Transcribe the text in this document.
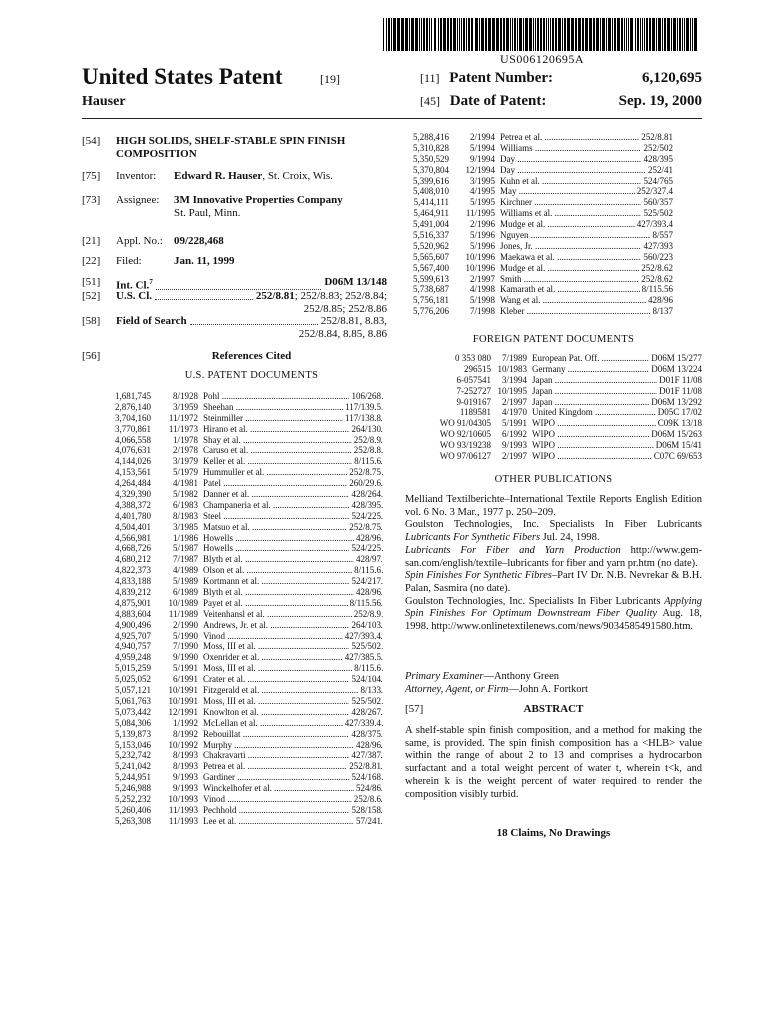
US006120695A
United States Patent	[19]
Hauser
[11] Patent Number:	6,120,695
[45] Date of Patent:	Sep. 19, 2000
[54] HIGH SOLIDS, SHELF-STABLE SPIN FINISH
COMPOSITION
[75] Inventor: Edward R. Hauser, St. Croix, Wis.
[73] Assignee: 3M Innovative Properties Company
St. Paul, Minn.
[21] Appl. No.: 09/228,468
[22] Filed:	Jan. 11, 1999
[51] Int. Cl.$^7$	D06M 13/148
[52] U.S. Cl.	252/8.81; 252/8.83; 252/8.84;
252/8.85; 252/8.86
[58] Field of Search	252/8.81, 8.83,
252/8.84, 8.85, 8.86
[56]	References Cited
U.S. PATENT DOCUMENTS
1,681,745	8/1928 Pohl .....	106/268
2,876,140	3/1959 Sheehan .....	117/139.5
3,704,160	11/1972 Steinmiller .....	117/138.8
3,770,861	11/1973 Hirano et al. .....	264/130
4,066,558	1/1978 Shay et al. .....	252/8.9
4,076,631	2/1978 Caruso et al. .....	252/8.8
4,144,026	3/1979 Keller et al. .....	8/115.6
4,153,561	5/1979 Hummuller et al. .....	252/8.75
4,264,484	4/1981 Patel .....	260/29.6
4,329,390	5/1982 Danner et al. .....	428/264
4,388,372	6/1983 Champaneria et al. .....	428/395
4,401,780	8/1983 Steel .....	524/225
4,504,401	3/1985 Matsuo et al. .....	252/8.75
4,566,981	1/1986 Howells .....	428/96
4,668,726	5/1987 Howells .....	524/225
4,680,212	7/1987 Blyth et al. .....	428/97
4,822,373	4/1989 Olson et al. .....	8/115.6
4,833,188	5/1989 Kortmann et al. .....	524/217
4,839,212	6/1989 Blyth et al. .....	428/96
4,875,901	10/1989 Payet et al. .....	8/115.56
4,883,604	11/1989 Veitenhansl et al. .....	252/8.9
4,900,496	2/1990 Andrews, Jr. et al. .....	264/103
4,925,707	5/1990 Vinod .....	427/393.4
4,940,757	7/1990 Moss, III et al. .....	525/502
4,959,248	9/1990 Oxenrider et al. .....	427/385.5
5,015,259	5/1991 Moss, III et al. .....	8/115.6
5,025,052	6/1991 Crater et al. .....	524/104
5,057,121	10/1991 Fitzgerald et al. .....	8/133
5,061,763	10/1991 Moss, III et al. .....	525/502
5,073,442	12/1991 Knowlton et al. .....	428/267
5,084,306	1/1992 McLellan et al. .....	427/339.4
5,139,873	8/1992 Rebouillat .....	428/375
5,153,046	10/1992 Murphy .....	428/96
5,232,742	8/1993 Chakravarti .....	427/387
5,241,042	8/1993 Petrea et al. .....	252/8.81
5,244,951	9/1993 Gardiner .....	524/168
5,246,988	9/1993 Winckelhofer et al. .....	524/86
5,252,232	10/1993 Vinod .....	252/8.6
5,260,406	11/1993 Pechhold .....	528/158
5,263,308	11/1993 Lee et al. .....	57/241
5,288,416	2/1994 Petrea et al. .....	252/8.81
5,310,828	5/1994 Williams .....	252/502
5,350,529	9/1994 Day .....	428/395
5,370,804	12/1994 Day .....	252/41
5,399,616	3/1995 Kuhn et al. .....	524/765
5,408,010	4/1995 May .....	252/327.4
5,414,111	5/1995 Kirchner .....	560/357
5,464,911	11/1995 Williams et al. .....	525/502
5,491,004	2/1996 Mudge et al. .....	427/393.4
5,516,337	5/1996 Nguyen .....	8/557
5,520,962	5/1996 Jones, Jr. .....	427/393
5,565,607	10/1996 Maekawa et al. .....	560/223
5,567,400	10/1996 Mudge et al. .....	252/8.62
5,599,613	2/1997 Smith .....	252/8.62
5,738,687	4/1998 Kamarath et al. .....	8/115.56
5,756,181	5/1998 Wang et al. .....	428/96
5,776,206	7/1998 Kleber .....	8/137
FOREIGN PATENT DOCUMENTS
0 353 080	7/1989 European Pat. Off. .....	D06M 15/277
296515 10/1983 Germany .....	D06M 13/224
6-057541	3/1994 Japan .....	D01F 11/08
7-252727 10/1995 Japan .....	D01F 11/08
9-019167	2/1997 Japan .....	D06M 13/292
1189581	4/1970 United Kingdom .....	D05C 17/02
WO 91/04305	5/1991 WIPO .....	C09K 13/18
WO 92/10605	6/1992 WIPO .....	D06M 15/263
WO 93/19238	9/1993 WIPO .....	D06M 15/41
WO 97/06127	2/1997 WIPO .....	C07C 69/653
OTHER PUBLICATIONS

Melliand Textilberichte–International Textile Reports English Edition vol. 6 No. 3 Mar., 1977 p. 250–209.

Goulston Technologies, Inc. Specialists In Fiber Lubricants Lubricants For Synthetic Fibers Jul. 24, 1998.

Lubricants For Fiber and Yarn Production http://www.gem-san.com/english/textile–lubricants for fiber and yarn pr.htm (no date).

Spin Finishes For Synthetic Fibres–Part IV Dr. N.B. Nevrekar & B.H. Palan, Sasmira (no date).

Goulston Technologies, Inc. Specialists In Fiber Lubricants Applying Spin Finishes For Optimum Downstream Fiber Quality Aug. 18, 1998. http://www.onlinetextilenews.com/news/9034585491580.htm.

Primary Examiner—Anthony Green

Attorney, Agent, or Firm—John A. Fortkort

[57]	ABSTRACT
A shelf-stable spin finish composition, and a method for making the same, is provided. The spin finish composition has a <HLB> value within the range of about 2 to 13 and comprises a hydrocarbon surfactant and a total weight percent of water t, wherein t<k, and wherein k is the weight percent of water required to render the composition visibly turbid.
18 Claims, No Drawings
